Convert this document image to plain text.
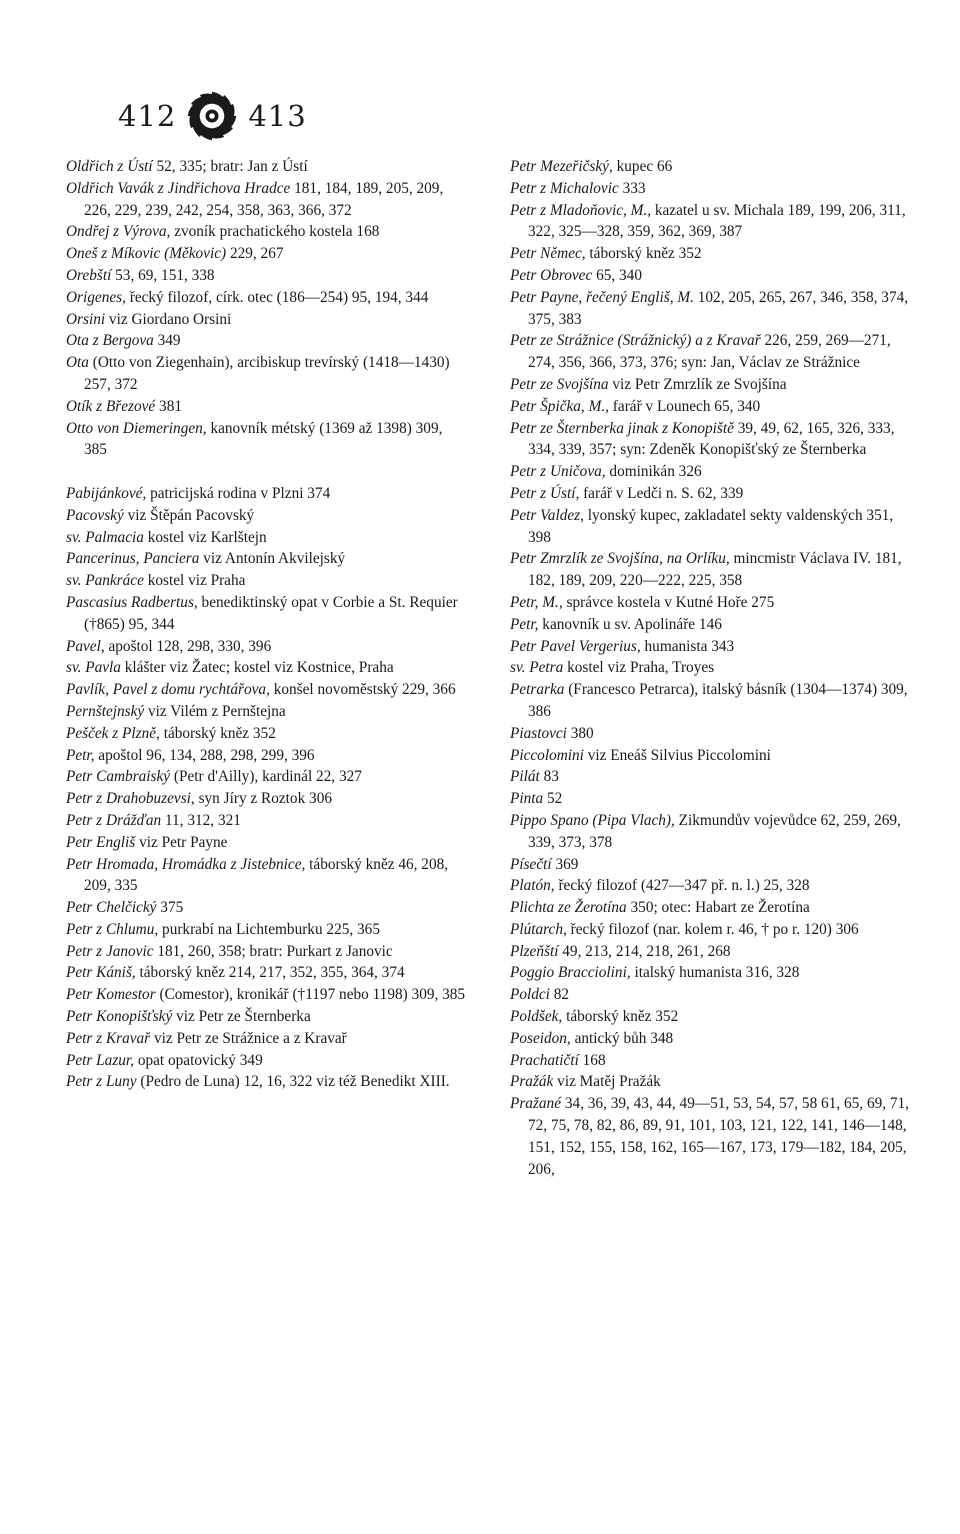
412 413
Oldřich z Ústí 52, 335; bratr: Jan z Ústí
Oldřich Vavák z Jindřichova Hradce 181, 184, 189, 205, 209, 226, 229, 239, 242, 254, 358, 363, 366, 372
Ondřej z Výrova, zvoník prachatického kostela 168
Oneš z Míkovic (Měkovic) 229, 267
Orebští 53, 69, 151, 338
Origenes, řecký filozof, círk. otec (186—254) 95, 194, 344
Orsini viz Giordano Orsini
Ota z Bergova 349
Ota (Otto von Ziegenhain), arcibiskup trevírský (1418—1430) 257, 372
Otík z Březové 381
Otto von Diemeringen, kanovník métský (1369 až 1398) 309, 385
Pabijánkové, patricijská rodina v Plzni 374
Pacovský viz Štěpán Pacovský
sv. Palmacia kostel viz Karlštejn
Pancerinus, Panciera viz Antonín Akvilejský
sv. Pankráce kostel viz Praha
Pascasius Radbertus, benediktinský opat v Corbie a St. Requier (†865) 95, 344
Pavel, apoštol 128, 298, 330, 396
sv. Pavla klášter viz Žatec; kostel viz Kostnice, Praha
Pavlík, Pavel z domu rychtářova, konšel novoměstský 229, 366
Pernštejnský viz Vilém z Pernštejna
Pešček z Plzně, táborský kněz 352
Petr, apoštol 96, 134, 288, 298, 299, 396
Petr Cambraiský (Petr d'Ailly), kardinál 22, 327
Petr z Drahobuzevsi, syn Jíry z Roztok 306
Petr z Drážďan 11, 312, 321
Petr Engliš viz Petr Payne
Petr Hromada, Hromádka z Jistebnice, táborský kněz 46, 208, 209, 335
Petr Chelčický 375
Petr z Chlumu, purkrabí na Lichtemburku 225, 365
Petr z Janovic 181, 260, 358; bratr: Purkart z Janovic
Petr Kániš, táborský kněz 214, 217, 352, 355, 364, 374
Petr Komestor (Comestor), kronikář (†1197 nebo 1198) 309, 385
Petr Konopišťský viz Petr ze Šternberka
Petr z Kravař viz Petr ze Strážnice a z Kravař
Petr Lazur, opat opatovický 349
Petr z Luny (Pedro de Luna) 12, 16, 322 viz též Benedikt XIII.
Petr Mezeřičský, kupec 66
Petr z Michalovic 333
Petr z Mladoňovic, M., kazatel u sv. Michala 189, 199, 206, 311, 322, 325—328, 359, 362, 369, 387
Petr Němec, táborský kněz 352
Petr Obrovec 65, 340
Petr Payne, řečený Engliš, M. 102, 205, 265, 267, 346, 358, 374, 375, 383
Petr ze Strážnice (Strážnický) a z Kravař 226, 259, 269—271, 274, 356, 366, 373, 376; syn: Jan, Václav ze Strážnice
Petr ze Svojšína viz Petr Zmrzlík ze Svojšína
Petr Špička, M., farář v Lounech 65, 340
Petr ze Šternberka jinak z Konopiště 39, 49, 62, 165, 326, 333, 334, 339, 357; syn: Zdeněk Konopišťský ze Šternberka
Petr z Uničova, dominikán 326
Petr z Ústí, farář v Ledči n. S. 62, 339
Petr Valdez, lyonský kupec, zakladatel sekty valdenských 351, 398
Petr Zmrzlík ze Svojšína, na Orlíku, mincmistr Václava IV. 181, 182, 189, 209, 220—222, 225, 358
Petr, M., správce kostela v Kutné Hoře 275
Petr, kanovník u sv. Apolináře 146
Petr Pavel Vergerius, humanista 343
sv. Petra kostel viz Praha, Troyes
Petrarka (Francesco Petrarca), italský básník (1304—1374) 309, 386
Piastovci 380
Piccolomini viz Eneáš Silvius Piccolomini
Pilát 83
Pinta 52
Pippo Spano (Pipa Vlach), Zikmundův vojevůdce 62, 259, 269, 339, 373, 378
Písečtí 369
Platón, řecký filozof (427—347 př. n. l.) 25, 328
Plichta ze Žerotína 350; otec: Habart ze Žerotína
Plútarch, řecký filozof (nar. kolem r. 46, † po r. 120) 306
Plzeňští 49, 213, 214, 218, 261, 268
Poggio Bracciolini, italský humanista 316, 328
Poldci 82
Poldšek, táborský kněz 352
Poseidon, antický bůh 348
Prachatičtí 168
Pražák viz Matěj Pražák
Pražané 34, 36, 39, 43, 44, 49—51, 53, 54, 57, 58 61, 65, 69, 71, 72, 75, 78, 82, 86, 89, 91, 101, 103, 121, 122, 141, 146—148, 151, 152, 155, 158, 162, 165—167, 173, 179—182, 184, 205, 206,
